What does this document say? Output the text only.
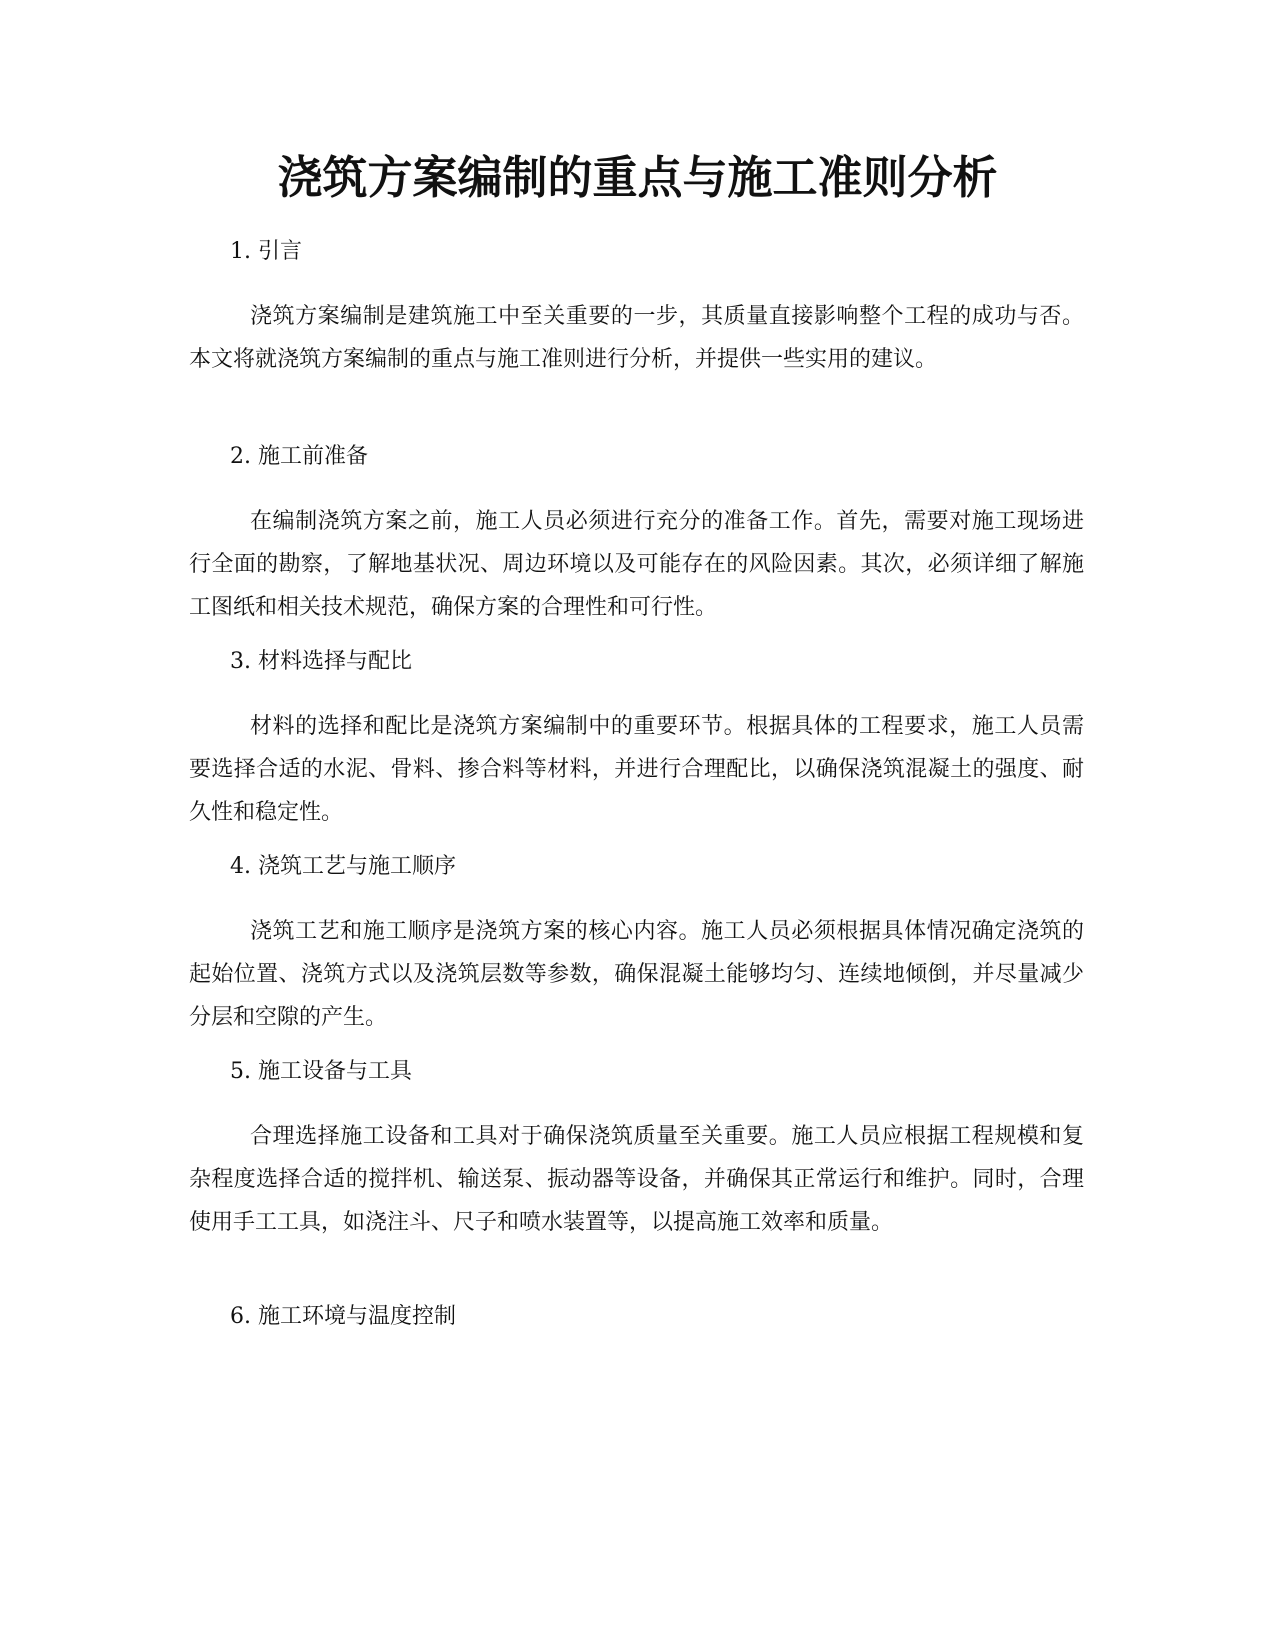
浇筑方案编制的重点与施工准则分析

1. 引言

浇筑方案编制是建筑施工中至关重要的一步，其质量直接影响整个工程的成功与否。本文将就浇筑方案编制的重点与施工准则进行分析，并提供一些实用的建议。

2. 施工前准备

在编制浇筑方案之前，施工人员必须进行充分的准备工作。首先，需要对施工现场进行全面的勘察，了解地基状况、周边环境以及可能存在的风险因素。其次，必须详细了解施工图纸和相关技术规范，确保方案的合理性和可行性。

3. 材料选择与配比

材料的选择和配比是浇筑方案编制中的重要环节。根据具体的工程要求，施工人员需要选择合适的水泥、骨料、掺合料等材料，并进行合理配比，以确保浇筑混凝土的强度、耐久性和稳定性。

4. 浇筑工艺与施工顺序

浇筑工艺和施工顺序是浇筑方案的核心内容。施工人员必须根据具体情况确定浇筑的起始位置、浇筑方式以及浇筑层数等参数，确保混凝土能够均匀、连续地倾倒，并尽量减少分层和空隙的产生。

5. 施工设备与工具

合理选择施工设备和工具对于确保浇筑质量至关重要。施工人员应根据工程规模和复杂程度选择合适的搅拌机、输送泵、振动器等设备，并确保其正常运行和维护。同时，合理使用手工工具，如浇注斗、尺子和喷水装置等，以提高施工效率和质量。

6. 施工环境与温度控制
